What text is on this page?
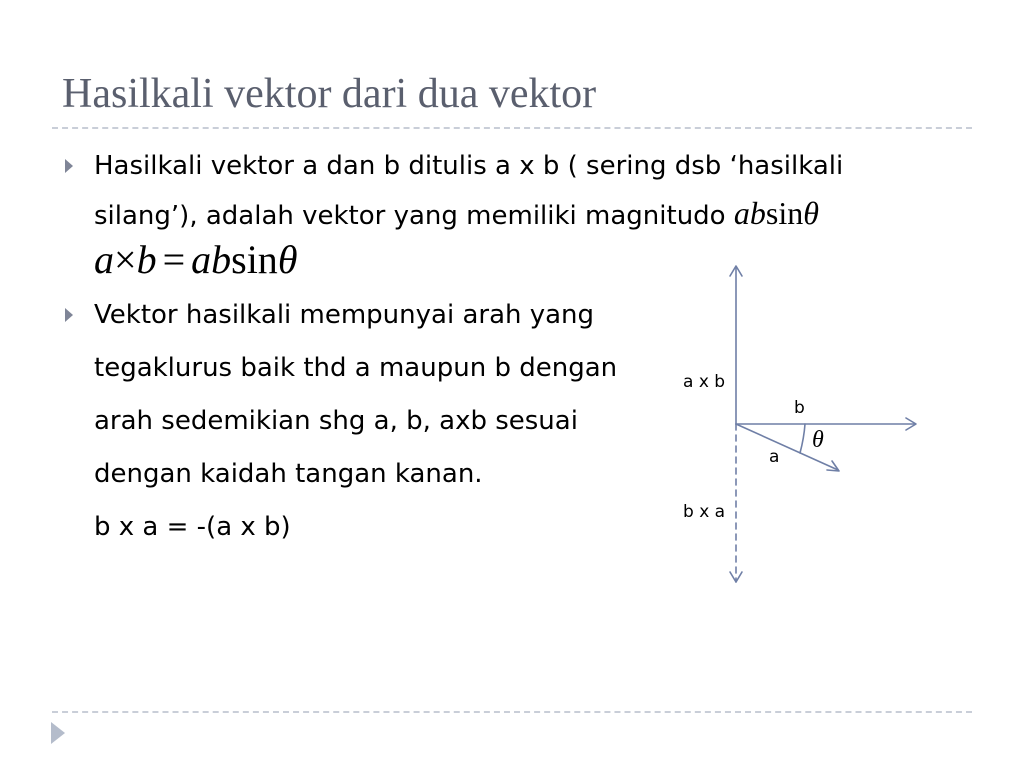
Hasilkali vektor dari dua vektor
Hasilkali vektor a dan b ditulis a x b ( sering dsb ‘hasilkali
silang’), adalah vektor yang memiliki magnitudo absinθ
a×b = absinθ
Vektor hasilkali mempunyai arah yang
tegaklurus baik thd a maupun b dengan
arah sedemikian shg a, b, axb sesuai
dengan kaidah tangan kanan.
b x a = -(a x b)
a x b
b
θ
a
b x a
